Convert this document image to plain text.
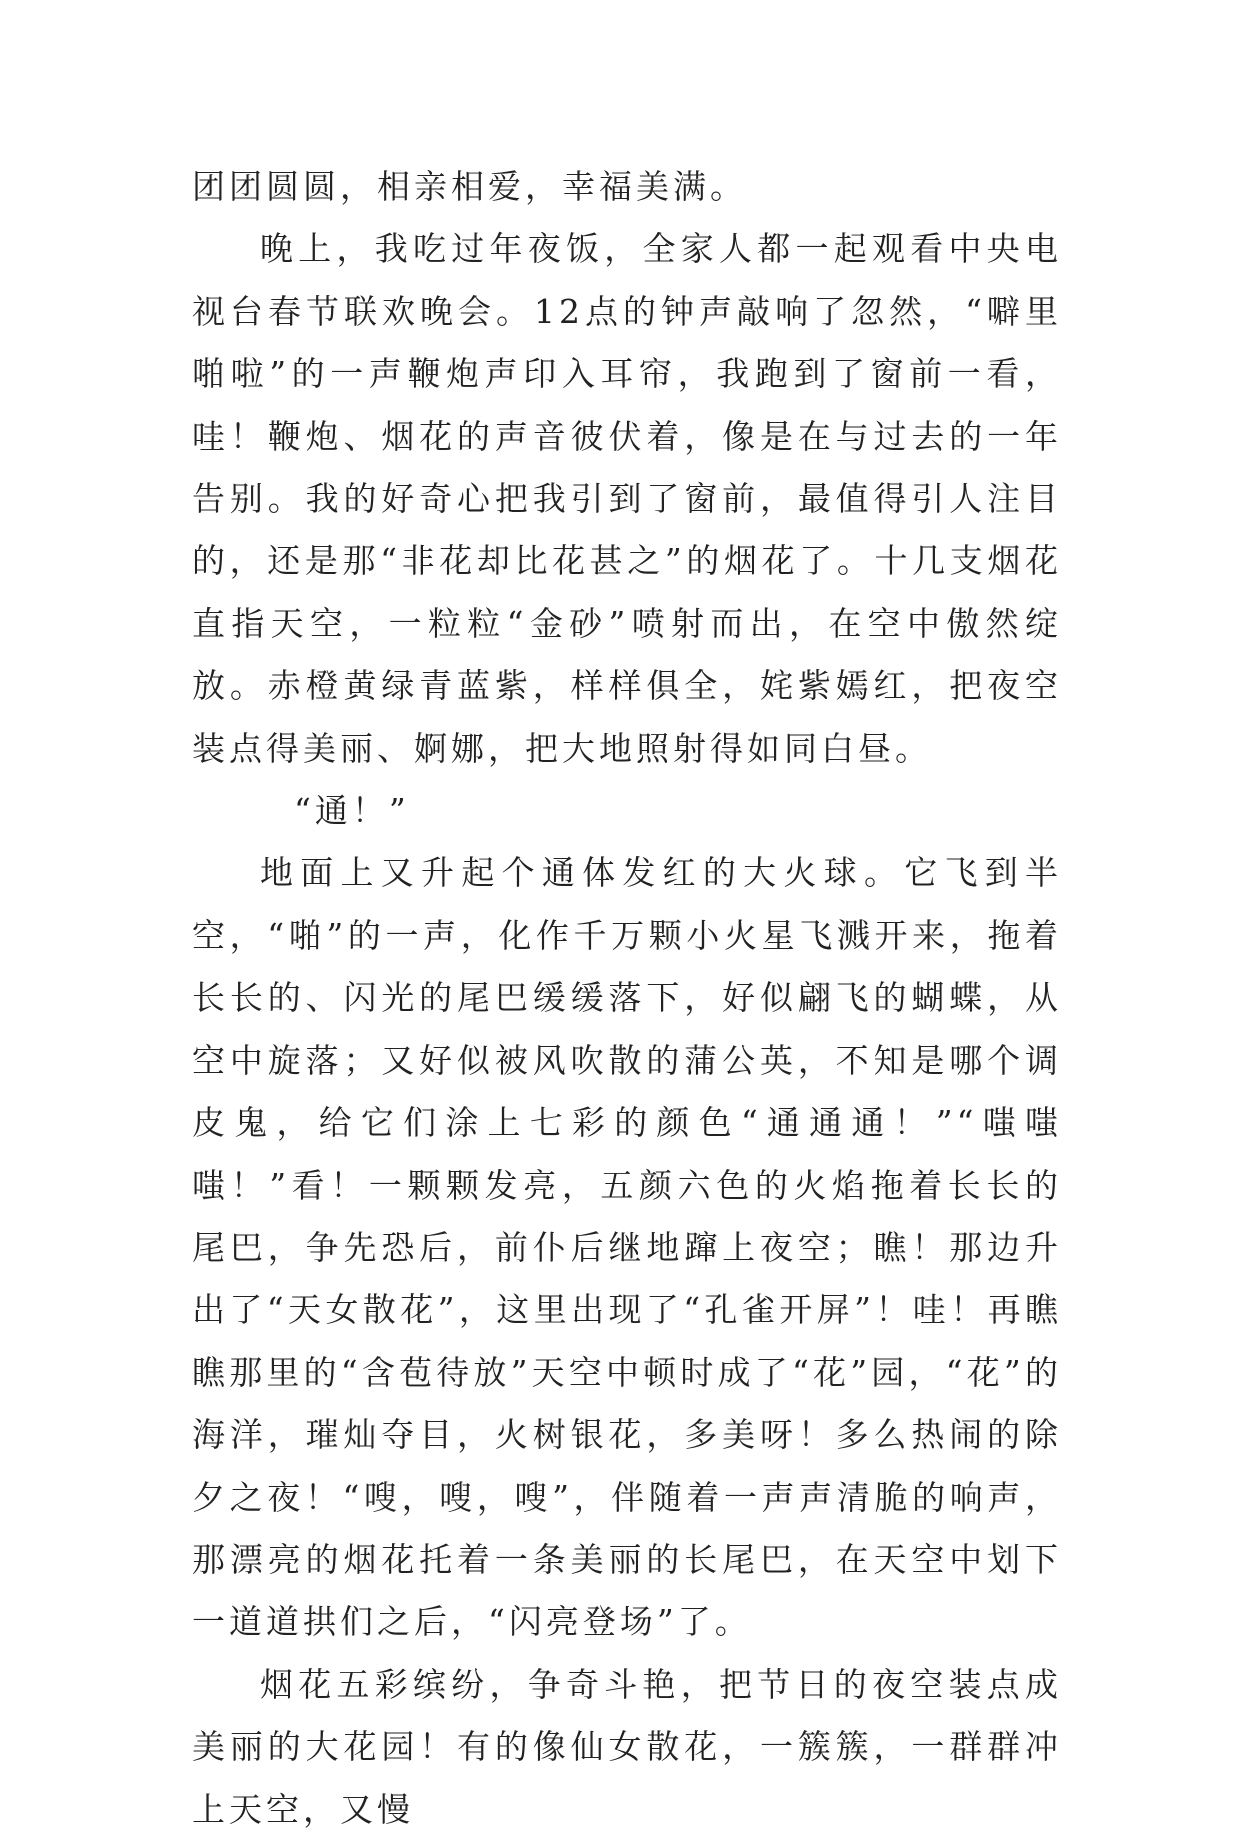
团团圆圆，相亲相爱，幸福美满。

晚上，我吃过年夜饭，全家人都一起观看中央电视台春节联欢晚会。12点的钟声敲响了忽然，“噼里啪啦”的一声鞭炮声印入耳帘，我跑到了窗前一看，哇！鞭炮、烟花的声音彼伏着，像是在与过去的一年告别。我的好奇心把我引到了窗前，最值得引人注目的，还是那“非花却比花甚之”的烟花了。十几支烟花直指天空，一粒粒“金砂”喷射而出，在空中傲然绽放。赤橙黄绿青蓝紫，样样俱全，姹紫嫣红，把夜空装点得美丽、婀娜，把大地照射得如同白昼。

“通！”

地面上又升起个通体发红的大火球。它飞到半空，“啪”的一声，化作千万颗小火星飞溅开来，拖着长长的、闪光的尾巴缓缓落下，好似翩飞的蝴蝶，从空中旋落；又好似被风吹散的蒲公英，不知是哪个调皮鬼，给它们涂上七彩的颜色“通通通！”“嗤嗤嗤！”看！一颗颗发亮，五颜六色的火焰拖着长长的尾巴，争先恐后，前仆后继地蹿上夜空；瞧！那边升出了“天女散花”，这里出现了“孔雀开屏”！哇！再瞧瞧那里的“含苞待放”天空中顿时成了“花”园，“花”的海洋，璀灿夺目，火树银花，多美呀！多么热闹的除夕之夜！“嗖，嗖，嗖”，伴随着一声声清脆的响声，那漂亮的烟花托着一条美丽的长尾巴，在天空中划下一道道拱们之后，“闪亮登场”了。

烟花五彩缤纷，争奇斗艳，把节日的夜空装点成美丽的大花园！有的像仙女散花，一簇簇，一群群冲上天空，又慢
